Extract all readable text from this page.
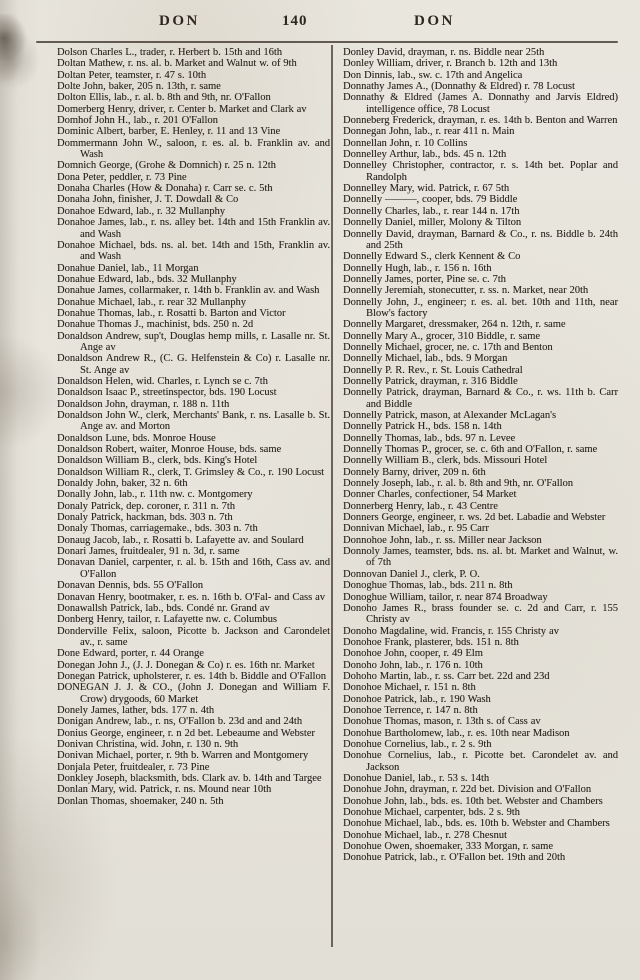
DON	140	DON

Dolson Charles L., trader, r. Herbert b. 15th and 16th

Doltan Mathew, r. ns. al. b. Market and Walnut w. of 9th

Doltan Peter, teamster, r. 47 s. 10th

Dolte John, baker, 205 n. 13th, r. same

Dolton Ellis, lab., r. al. b. 8th and 9th, nr. O'Fallon

Domerberg Henry, driver, r. Center b. Market and Clark av

Domhof John H., lab., r. 201 O'Fallon

Dominic Albert, barber, E. Henley, r. 11 and 13 Vine

Dommermann John W., saloon, r. es. al. b. Franklin av. and Wash

Domnich George, (Grohe & Domnich) r. 25 n. 12th

Dona Peter, peddler, r. 73 Pine

Donaha Charles (How & Donaha) r. Carr se. c. 5th

Donaha John, finisher, J. T. Dowdall & Co

Donahoe Edward, lab., r. 32 Mullanphy

Donahoe James, lab., r. ns. alley bet. 14th and 15th Franklin av. and Wash

Donahoe Michael, bds. ns. al. bet. 14th and 15th, Franklin av. and Wash

Donahue Daniel, lab., 11 Morgan

Donahue Edward, lab., bds. 32 Mullanphy

Donahue James, collarmaker, r. 14th b. Franklin av. and Wash

Donahue Michael, lab., r. rear 32 Mullanphy

Donahue Thomas, lab., r. Rosatti b. Barton and Victor

Donahue Thomas J., machinist, bds. 250 n. 2d

Donaldson Andrew, sup't, Douglas hemp mills, r. Lasalle nr. St. Ange av

Donaldson Andrew R., (C. G. Helfenstein & Co) r. Lasalle nr. St. Ange av

Donaldson Helen, wid. Charles, r. Lynch se c. 7th

Donaldson Isaac P., streetinspector, bds. 190 Locust

Donaldson John, drayman, r. 188 n. 11th

Donaldson John W., clerk, Merchants' Bank, r. ns. Lasalle b. St. Ange av. and Morton

Donaldson Lune, bds. Monroe House

Donaldson Robert, waiter, Monroe House, bds. same

Donaldson William B., clerk, bds. King's Hotel

Donaldson William R., clerk, T. Grimsley & Co., r. 190 Locust

Donaldy John, baker, 32 n. 6th

Donally John, lab., r. 11th nw. c. Montgomery

Donaly Patrick, dep. coroner, r. 311 n. 7th

Donaly Patrick, hackman, bds. 303 n. 7th

Donaly Thomas, carriagemake., bds. 303 n. 7th

Donaug Jacob, lab., r. Rosatti b. Lafayette av. and Soulard

Donari James, fruitdealer, 91 n. 3d, r. same

Donavan Daniel, carpenter, r. al. b. 15th and 16th, Cass av. and O'Fallon

Donavan Dennis, bds. 55 O'Fallon

Donavan Henry, bootmaker, r. es. n. 16th b. O'Fal- and Cass av

Donawallsh Patrick, lab., bds. Condé nr. Grand av

Donberg Henry, tailor, r. Lafayette nw. c. Columbus

Donderville Felix, saloon, Picotte b. Jackson and Carondelet av., r. same

Done Edward, porter, r. 44 Orange

Donegan John J., (J. J. Donegan & Co) r. es. 16th nr. Market

Donegan Patrick, upholsterer, r. es. 14th b. Biddle and O'Fallon

DONEGAN J. J. & CO., (John J. Donegan and William F. Crow) drygoods, 60 Market

Donely James, lather, bds. 177 n. 4th

Donigan Andrew, lab., r. ns, O'Fallon b. 23d and and 24th

Donius George, engineer, r. n 2d bet. Lebeaume and Webster

Donivan Christina, wid. John, r. 130 n. 9th

Donivan Michael, porter, r. 9th b. Warren and Montgomery

Donjala Peter, fruitdealer, r. 73 Pine

Donkley Joseph, blacksmith, bds. Clark av. b. 14th and Targee

Donlan Mary, wid. Patrick, r. ns. Mound near 10th

Donlan Thomas, shoemaker, 240 n. 5th

Donley David, drayman, r. ns. Biddle near 25th

Donley William, driver, r. Branch b. 12th and 13th

Don Dinnis, lab., sw. c. 17th and Angelica

Donnathy James A., (Donnathy & Eldred) r. 78 Locust

Donnathy & Eldred (James A. Donnathy and Jarvis Eldred) intelligence office, 78 Locust

Donneberg Frederick, drayman, r. es. 14th b. Benton and Warren

Donnegan John, lab., r. rear 411 n. Main

Donnellan John, r. 10 Collins

Donnelley Arthur, lab., bds. 45 n. 12th

Donnelley Christopher, contractor, r. s. 14th bet. Poplar and Randolph

Donnelley Mary, wid. Patrick, r. 67 5th

Donnelly ———, cooper, bds. 79 Biddle

Donnelly Charles, lab., r. rear 144 n. 17th

Donnelly Daniel, miller, Molony & Tilton

Donnelly David, drayman, Barnard & Co., r. ns. Biddle b. 24th and 25th

Donnelly Edward S., clerk Kennent & Co

Donnelly Hugh, lab., r. 156 n. 16th

Donnelly James, porter, Pine se. c. 7th

Donnelly Jeremiah, stonecutter, r. ss. n. Market, near 20th

Donnelly John, J., engineer; r. es. al. bet. 10th and 11th, near Blow's factory

Donnelly Margaret, dressmaker, 264 n. 12th, r. same

Donnelly Mary A., grocer, 310 Biddle, r. same

Donnelly Michael, grocer, ne. c. 17th and Benton

Donnelly Michael, lab., bds. 9 Morgan

Donnelly P. R. Rev., r. St. Louis Cathedral

Donnelly Patrick, drayman, r. 316 Biddle

Donnelly Patrick, drayman, Barnard & Co., r. ws. 11th b. Carr and Biddle

Donnelly Patrick, mason, at Alexander McLagan's

Donnelly Patrick H., bds. 158 n. 14th

Donnelly Thomas, lab., bds. 97 n. Levee

Donnelly Thomas P., grocer, se. c. 6th and O'Fallon, r. same

Donnelly William B., clerk, bds. Missouri Hotel

Donnely Barny, driver, 209 n. 6th

Donnely Joseph, lab., r. al. b. 8th and 9th, nr. O'Fallon

Donner Charles, confectioner, 54 Market

Donnerberg Henry, lab., r. 43 Centre

Donners George, engineer, r. ws. 2d bet. Labadie and Webster

Donnivan Michael, lab., r. 95 Carr

Donnohoe John, lab., r. ss. Miller near Jackson

Donnoly James, teamster, bds. ns. al. bt. Market and Walnut, w. of 7th

Donnovan Daniel J., clerk, P. O.

Donoghue Thomas, lab., bds. 211 n. 8th

Donoghue William, tailor, r. near 874 Broadway

Donoho James R., brass founder se. c. 2d and Carr, r. 155 Christy av

Donoho Magdaline, wid. Francis, r. 155 Christy av

Donohoe Frank, plasterer, bds. 151 n. 8th

Donohoe John, cooper, r. 49 Elm

Donoho John, lab., r. 176 n. 10th

Dohoho Martin, lab., r. ss. Carr bet. 22d and 23d

Donohoe Michael, r. 151 n. 8th

Donohoe Patrick, lab., r. 190 Wash

Donohoe Terrence, r. 147 n. 8th

Donohue Thomas, mason, r. 13th s. of Cass av

Donohue Bartholomew, lab., r. es. 10th near Madison

Donohue Cornelius, lab., r. 2 s. 9th

Donohue Cornelius, lab., r. Picotte bet. Carondelet av. and Jackson

Donohue Daniel, lab., r. 53 s. 14th

Donohue John, drayman, r. 22d bet. Division and O'Fallon

Donohue John, lab., bds. es. 10th bet. Webster and Chambers

Donohue Michael, carpenter, bds. 2 s. 9th

Donohue Michael, lab., bds. es. 10th b. Webster and Chambers

Donohue Michael, lab., r. 278 Chesnut

Donohue Owen, shoemaker, 333 Morgan, r. same

Donohue Patrick, lab., r. O'Fallon bet. 19th and 20th
